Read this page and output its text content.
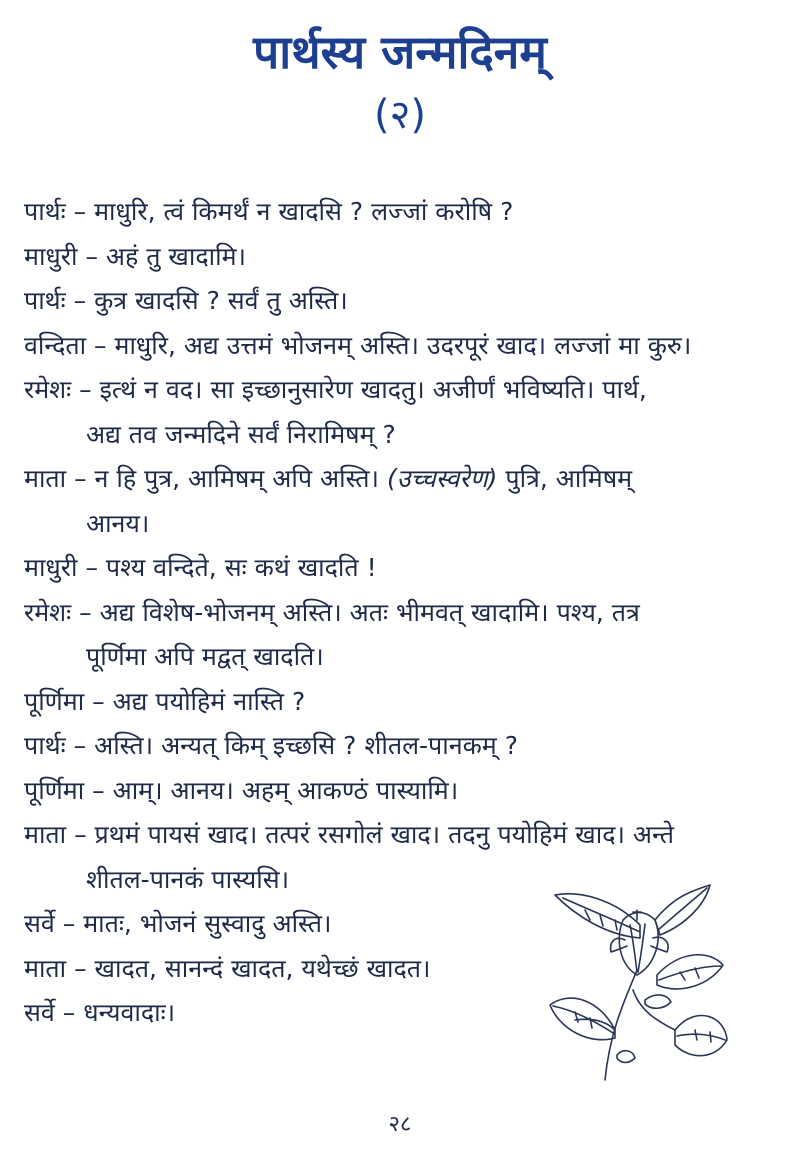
पार्थस्य जन्मदिनम्
(२)
पार्थः – माधुरि, त्वं किमर्थं न खादसि ? लज्जां करोषि ?
माधुरी – अहं तु खादामि।
पार्थः – कुत्र खादसि ? सर्वं तु अस्ति।
वन्दिता – माधुरि, अद्य उत्तमं भोजनम् अस्ति। उदरपूरं खाद। लज्जां मा कुरु।
रमेशः – इत्थं न वद। सा इच्छानुसारेण खादतु। अजीर्णं भविष्यति। पार्थ,
अद्य तव जन्मदिने सर्वं निरामिषम् ?
माता – न हि पुत्र, आमिषम् अपि अस्ति। (उच्चस्वरेण) पुत्रि, आमिषम्
आनय।
माधुरी – पश्य वन्दिते, सः कथं खादति !
रमेशः – अद्य विशेष-भोजनम् अस्ति। अतः भीमवत् खादामि। पश्य, तत्र
पूर्णिमा अपि मद्वत् खादति।
पूर्णिमा – अद्य पयोहिमं नास्ति ?
पार्थः – अस्ति। अन्यत् किम् इच्छसि ? शीतल-पानकम् ?
पूर्णिमा – आम्। आनय। अहम् आकण्ठं पास्यामि।
माता – प्रथमं पायसं खाद। तत्परं रसगोलं खाद। तदनु पयोहिमं खाद। अन्ते
शीतल-पानकं पास्यसि।
सर्वे – मातः, भोजनं सुस्वादु अस्ति।
माता – खादत, सानन्दं खादत, यथेच्छं खादत।
सर्वे – धन्यवादाः।
२८
